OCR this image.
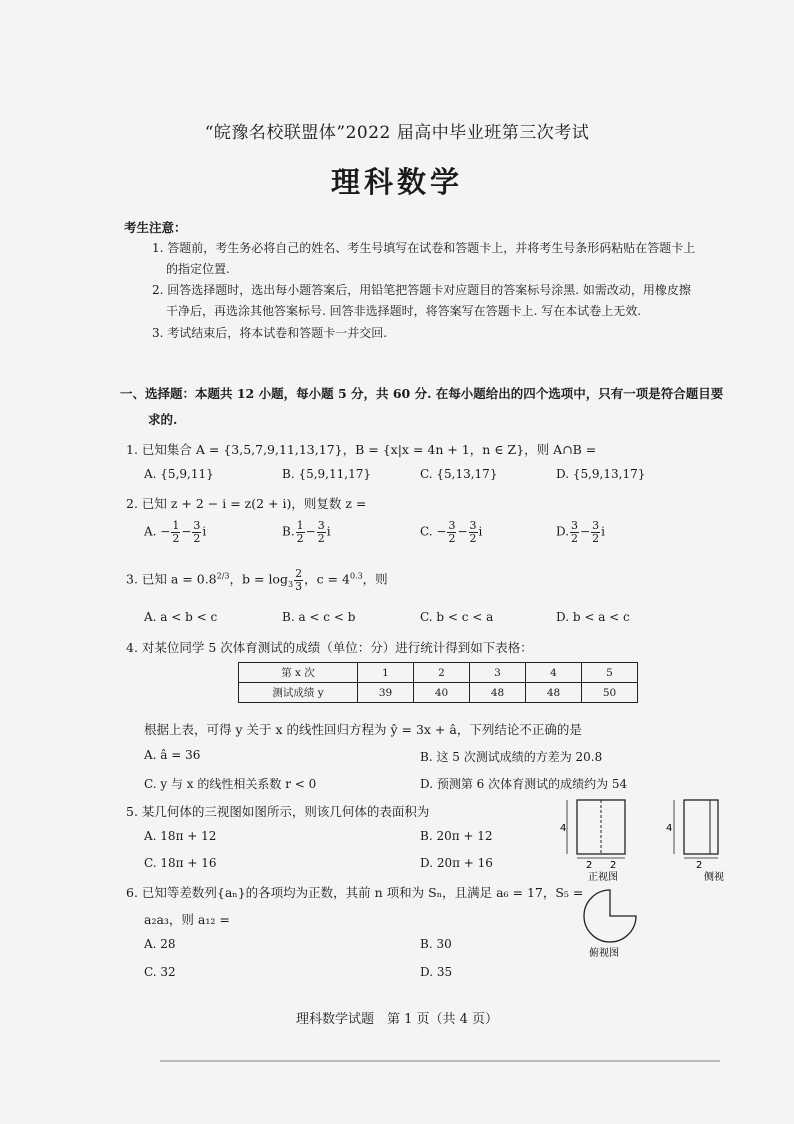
“皖豫名校联盟体”2022 届高中毕业班第三次考试
理科数学
考生注意：
1. 答题前，考生务必将自己的姓名、考生号填写在试卷和答题卡上，并将考生号条形码粘贴在答题卡上
的指定位置.
2. 回答选择题时，选出每小题答案后，用铅笔把答题卡对应题目的答案标号涂黑. 如需改动，用橡皮擦
干净后，再选涂其他答案标号. 回答非选择题时，将答案写在答题卡上. 写在本试卷上无效.
3. 考试结束后，将本试卷和答题卡一并交回.
一、选择题：本题共 12 小题，每小题 5 分，共 60 分. 在每小题给出的四个选项中，只有一项是符合题目要
求的.
1. 已知集合 A = {3,5,7,9,11,13,17}，B = {x|x = 4n + 1，n ∈ Z}，则 A∩B =
A. {5,9,11}	B. {5,9,11,17}	C. {5,13,17}	D. {5,9,13,17}
2. 已知 z + 2 − i = z(2 + i)，则复数 z =
A. − $\frac{1}{2} - \frac{3}{2}$ i	B. $\frac{1}{2} - \frac{3}{2}$ i	C. − $\frac{3}{2} - \frac{3}{2}$ i	D. $\frac{3}{2} - \frac{3}{2}$ i
3. 已知 $a = 0.8^{2/3}$，$b = \log_3 \frac{2}{3}$ ，$c = 4^{0.3}$，则
A. a < b < c	B. a < c < b	C. b < c < a	D. b < a < c
4. 对某位同学 5 次体育测试的成绩（单位：分）进行统计得到如下表格：
第 x 次	1	2	3	4	5
测试成绩 y	39	40	48	48	50
根据上表，可得 y 关于 x 的线性回归方程为 ŷ = 3x + â，下列结论不正确的是
A. â = 36	B. 这 5 次测试成绩的方差为 20.8
C. y 与 x 的线性相关系数 r < 0	D. 预测第 6 次体育测试的成绩约为 54
5. 某几何体的三视图如图所示，则该几何体的表面积为
A. 18π + 12	B. 20π + 12
C. 18π + 16	D. 20π + 16
6. 已知等差数列{aₙ}的各项均为正数，其前 n 项和为 Sₙ，且满足 a₆ = 17，S₅ =
a₂a₃，则 a₁₂ =
A. 28	B. 30
C. 32	D. 35
4
2 2
正视图
4
2
侧视
俯视图
理科数学试题　第 1 页（共 4 页）
